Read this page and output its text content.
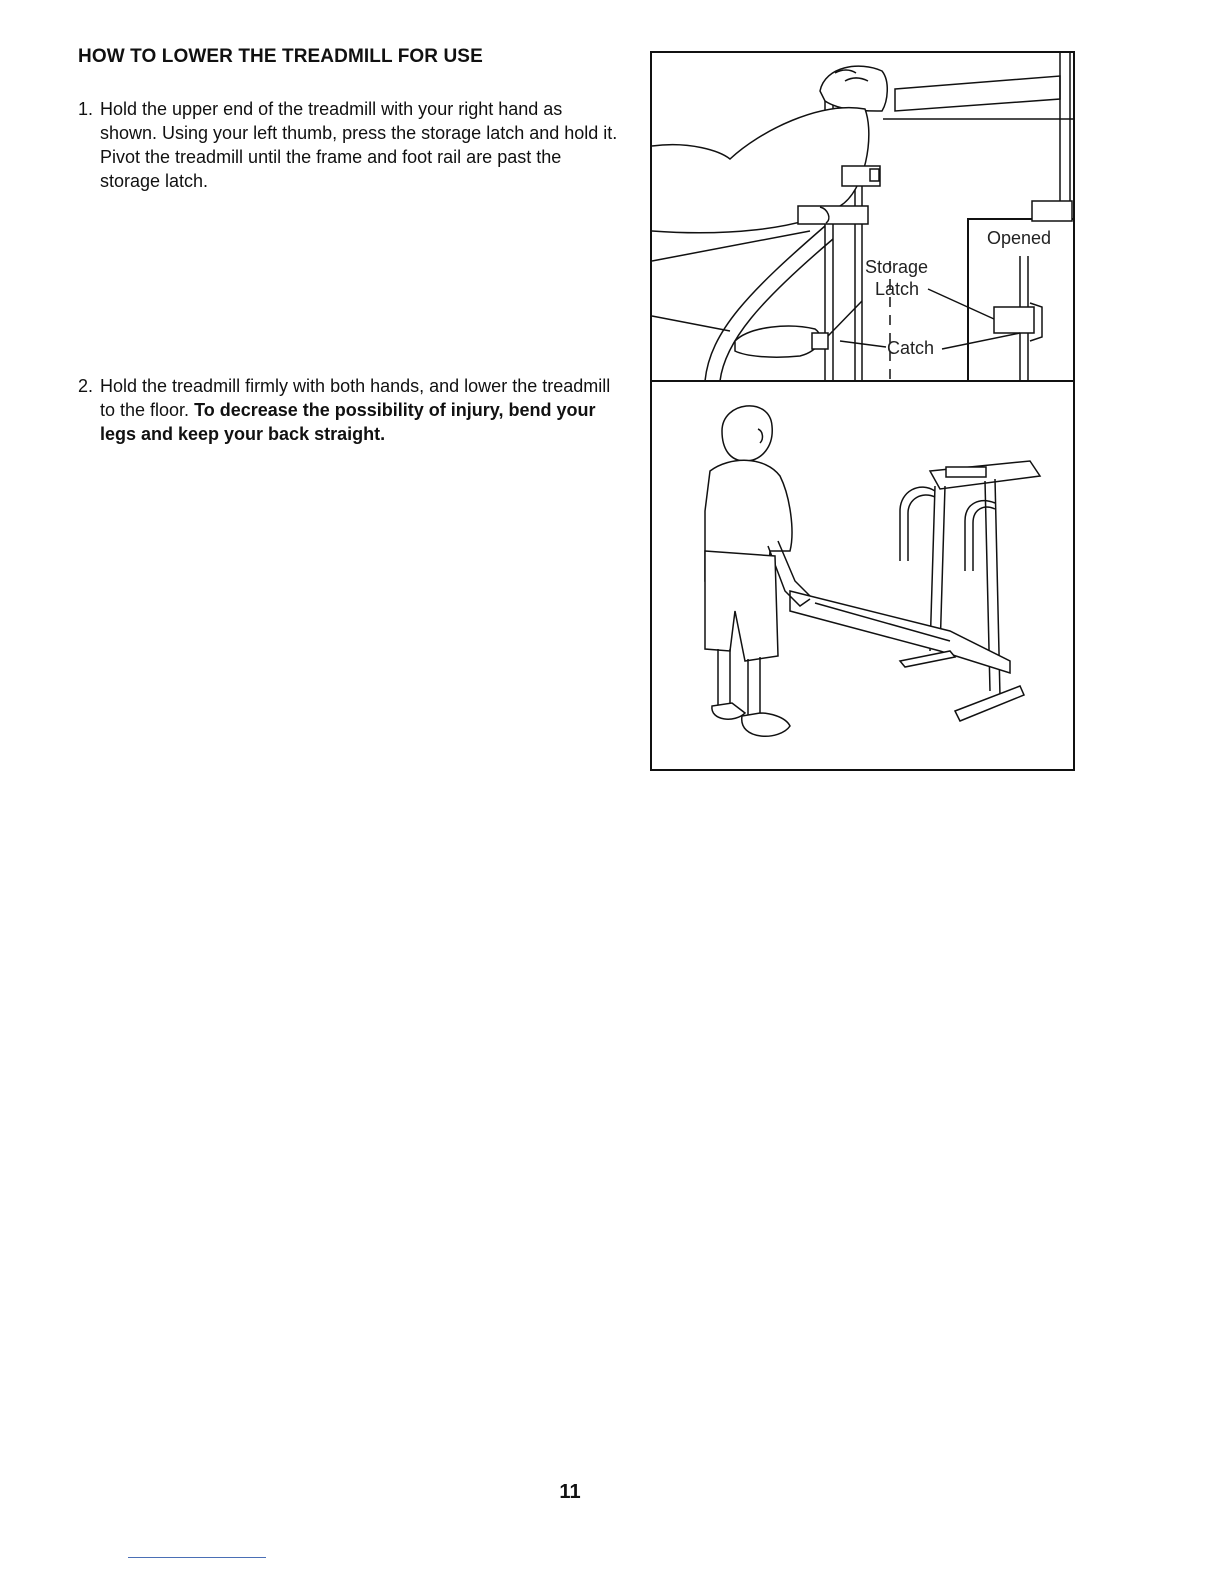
HOW TO LOWER THE TREADMILL FOR USE
1. Hold the upper end of the treadmill with your right hand as shown. Using your left thumb, press the storage latch and hold it. Pivot the treadmill until the frame and foot rail are past the storage latch.
2. Hold the treadmill firmly with both hands, and lower the treadmill to the floor. To decrease the possibility of injury, bend your legs and keep your back straight.
Storage
Latch
Catch
Opened
11
